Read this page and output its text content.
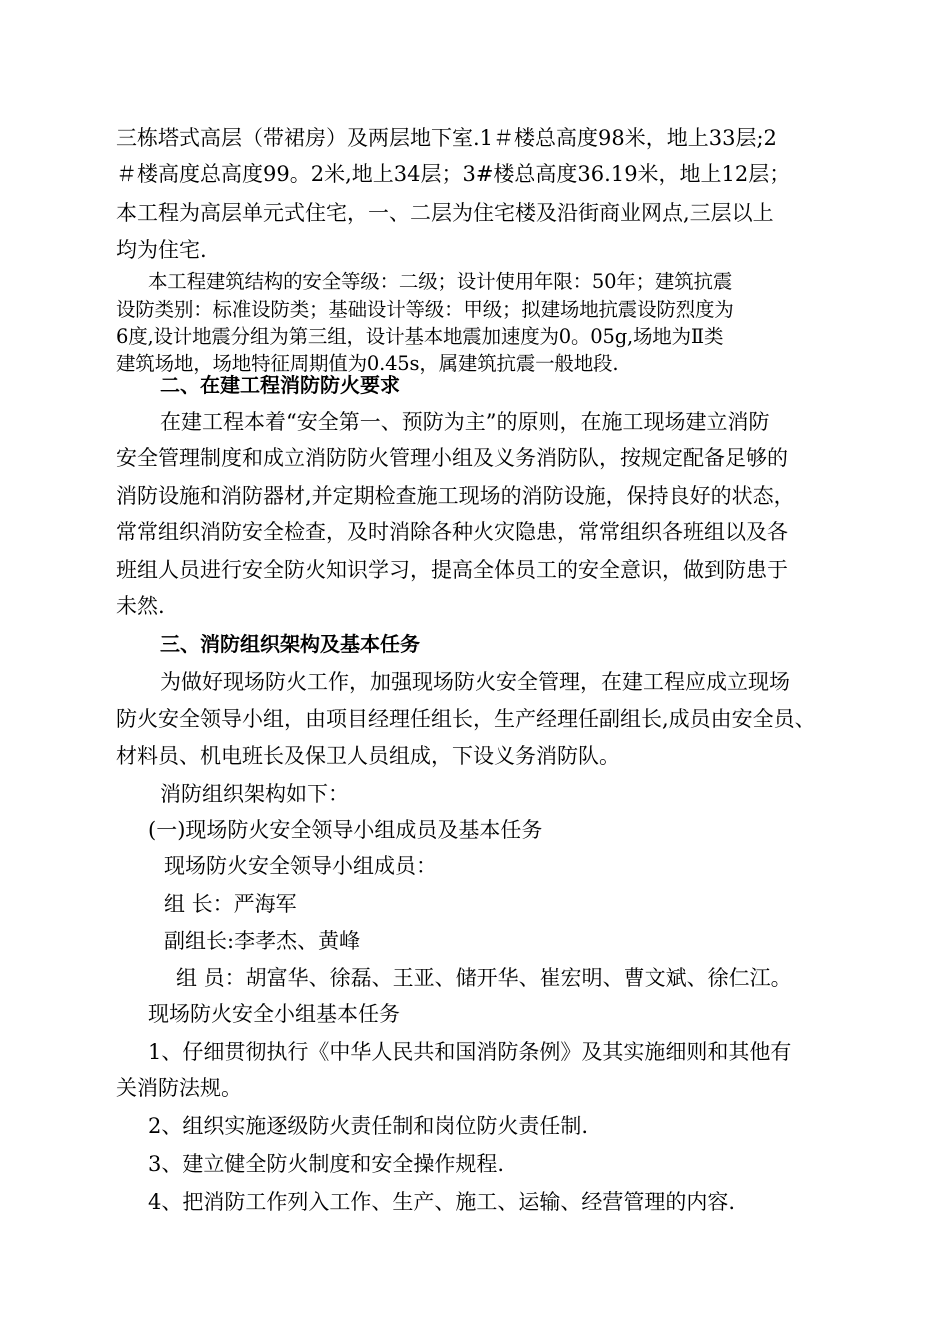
三栋塔式高层（带裙房）及两层地下室.1＃楼总高度98米，地上33层;2
＃楼高度总高度99。2米,地上34层；3#楼总高度36.19米，地上12层；
本工程为高层单元式住宅，一、二层为住宅楼及沿街商业网点,三层以上
均为住宅.
本工程建筑结构的安全等级：二级；设计使用年限：50年；建筑抗震
设防类别：标准设防类；基础设计等级：甲级；拟建场地抗震设防烈度为
6度,设计地震分组为第三组，设计基本地震加速度为0。05g,场地为Ⅱ类
建筑场地，场地特征周期值为0.45s，属建筑抗震一般地段.
二、在建工程消防防火要求
在建工程本着“安全第一、预防为主”的原则，在施工现场建立消防
安全管理制度和成立消防防火管理小组及义务消防队，按规定配备足够的
消防设施和消防器材,并定期检查施工现场的消防设施，保持良好的状态，
常常组织消防安全检查，及时消除各种火灾隐患，常常组织各班组以及各
班组人员进行安全防火知识学习，提高全体员工的安全意识，做到防患于
未然.
三、消防组织架构及基本任务
为做好现场防火工作，加强现场防火安全管理，在建工程应成立现场
防火安全领导小组，由项目经理任组长，生产经理任副组长,成员由安全员、
材料员、机电班长及保卫人员组成，下设义务消防队。
消防组织架构如下：
(一)现场防火安全领导小组成员及基本任务
现场防火安全领导小组成员：
组 长：严海军
副组长:李孝杰、黄峰
组 员：胡富华、徐磊、王亚、储开华、崔宏明、曹文斌、徐仁江。
现场防火安全小组基本任务
1、仔细贯彻执行《中华人民共和国消防条例》及其实施细则和其他有
关消防法规。
2、组织实施逐级防火责任制和岗位防火责任制.
3、建立健全防火制度和安全操作规程.
4、把消防工作列入工作、生产、施工、运输、经营管理的内容.
